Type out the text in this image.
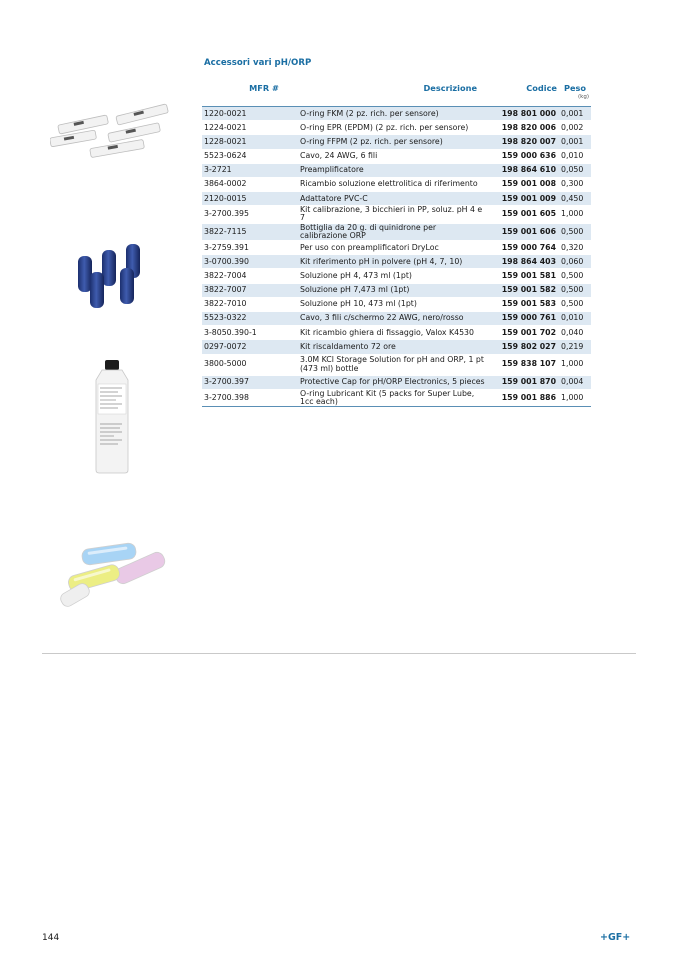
Accessori vari pH/ORP
MFR #	Descrizione	Codice	Peso
(kg)

1220-0021	O-ring FKM (2 pz. rich. per sensore)	198 801 000	0,001
1224-0021	O-ring EPR (EPDM) (2 pz. rich. per sensore)	198 820 006	0,002
1228-0021	O-ring FFPM (2 pz. rich. per sensore)	198 820 007	0,001
5523-0624	Cavo, 24 AWG, 6 fili	159 000 636	0,010
3-2721	Preamplificatore	198 864 610	0,050
3864-0002	Ricambio soluzione elettrolitica di riferimento	159 001 008	0,300
2120-0015	Adattatore PVC-C	159 001 009	0,450
3-2700.395	Kit calibrazione, 3 bicchieri in PP, soluz. pH 4 e 7	159 001 605	1,000
3822-7115	Bottiglia da 20 g. di quinidrone per calibrazione ORP	159 001 606	0,500
3-2759.391	Per uso con preamplificatori DryLoc	159 000 764	0,320
3-0700.390	Kit riferimento pH in polvere (pH 4, 7, 10)	198 864 403	0,060
3822-7004	Soluzione pH 4, 473 ml (1pt)	159 001 581	0,500
3822-7007	Soluzione pH 7,473 ml (1pt)	159 001 582	0,500
3822-7010	Soluzione pH 10, 473 ml (1pt)	159 001 583	0,500
5523-0322	Cavo, 3 fili c/schermo 22 AWG, nero/rosso	159 000 761	0,010
3-8050.390-1	Kit ricambio ghiera di fissaggio, Valox K4530	159 001 702	0,040
0297-0072	Kit riscaldamento 72 ore	159 802 027	0,219
3800-5000	3.0M KCl Storage Solution for pH and ORP, 1 pt (473 ml) bottle	159 838 107	1,000
3-2700.397	Protective Cap for pH/ORP Electronics, 5 pieces	159 001 870	0,004
3-2700.398	O-ring Lubricant Kit (5 packs for Super Lube, 1cc each)	159 001 886	1,000
144	+GF+
